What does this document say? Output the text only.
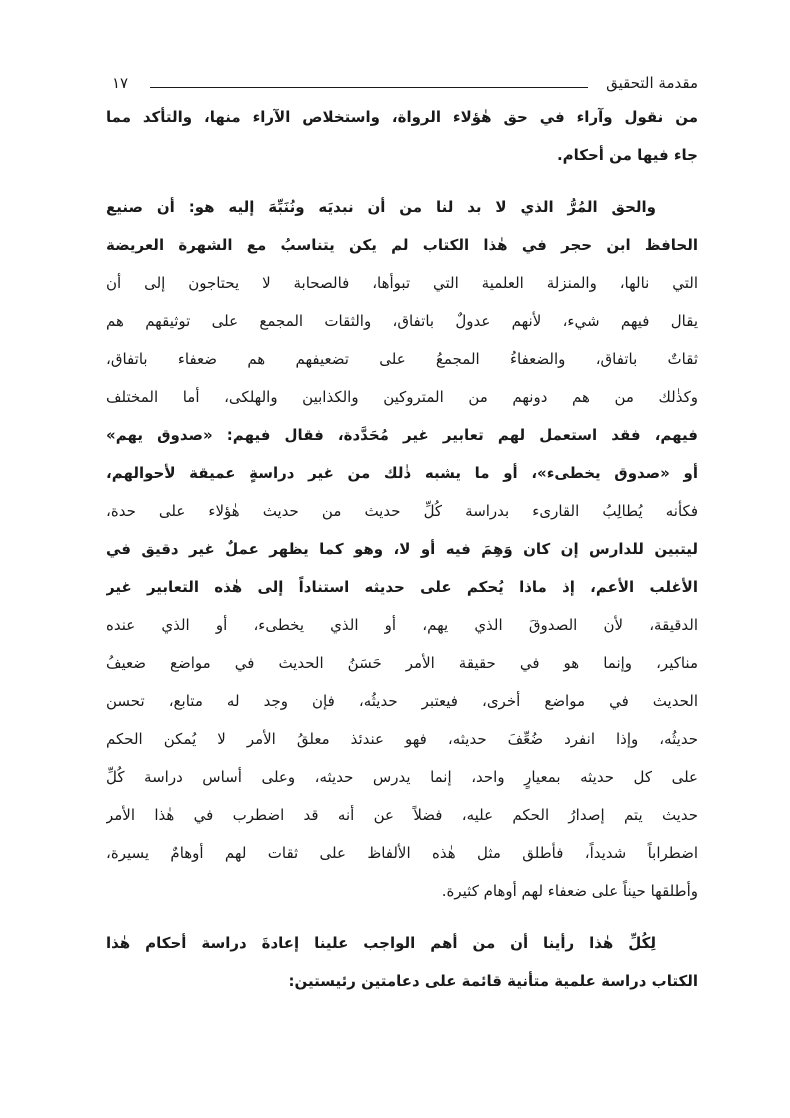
مقدمة التحقيق
١٧
من نقول وآراء في حق هٰؤلاء الرواة، واستخلاص الآراء منها، والتأكد مما
جاء فيها من أحكام.
والحق المُرُّ الذي لا بد لنا من أن نبديَه ونُنَبِّهَ إليه هو: أن صنيع
الحافظ ابن حجر في هٰذا الكتاب لم يكن يتناسبُ مع الشهرة العريضة
التي نالها، والمنزلة العلمية التي تبوأها، فالصحابة لا يحتاجون إلى أن
يقال فيهم شيء، لأنهم عدولٌ باتفاق، والثقات المجمع على توثيقهم هم
ثقاتٌ باتفاق، والضعفاءُ المجمعُ على تضعيفهم هم ضعفاء باتفاق،
وكذٰلك من هم دونهم من المتروكين والكذابين والهلكى، أما المختلف
فيهم، فقد استعمل لهم تعابير غير مُحَدَّدة، فقال فيهم: «صدوق يهم»
أو «صدوق يخطىء»، أو ما يشبه ذٰلك من غير دراسةٍ عميقة لأحوالهم،
فكأنه يُطالِبُ القارىء بدراسة كُلِّ حديث من حديث هٰؤلاء على حدة،
ليتبين للدارس إن كان وَهِمَ فيه أو لا، وهو كما يظهر عملٌ غير دقيق في
الأغلب الأعم، إذ ماذا يُحكم على حديثه استناداً إلى هٰذه التعابير غير
الدقيقة، لأن الصدوقَ الذي يهم، أو الذي يخطىء، أو الذي عنده
مناكير، وإنما هو في حقيقة الأمر حَسَنُ الحديث في مواضع ضعيفُ
الحديث في مواضع أخرى، فيعتبر حديثُه، فإن وجد له متابع، تحسن
حديثُه، وإذا انفرد ضُعِّفَ حديثه، فهو عندئذ معلقُ الأمر لا يُمكن الحكم
على كل حديثه بمعيارٍ واحد، إنما يدرس حديثه، وعلى أساس دراسة كُلِّ
حديث يتم إصدارُ الحكم عليه، فضلاً عن أنه قد اضطرب في هٰذا الأمر
اضطراباً شديداً، فأطلق مثل هٰذه الألفاظ على ثقات لهم أوهامٌ يسيرة،
وأطلقها حيناً على ضعفاء لهم أوهام كثيرة.
لِكُلِّ هٰذا رأينا أن من أهم الواجب علينا إعادةَ دراسة أحكام هٰذا
الكتاب دراسة علمية متأنية قائمة على دعامتين رئيستين:
